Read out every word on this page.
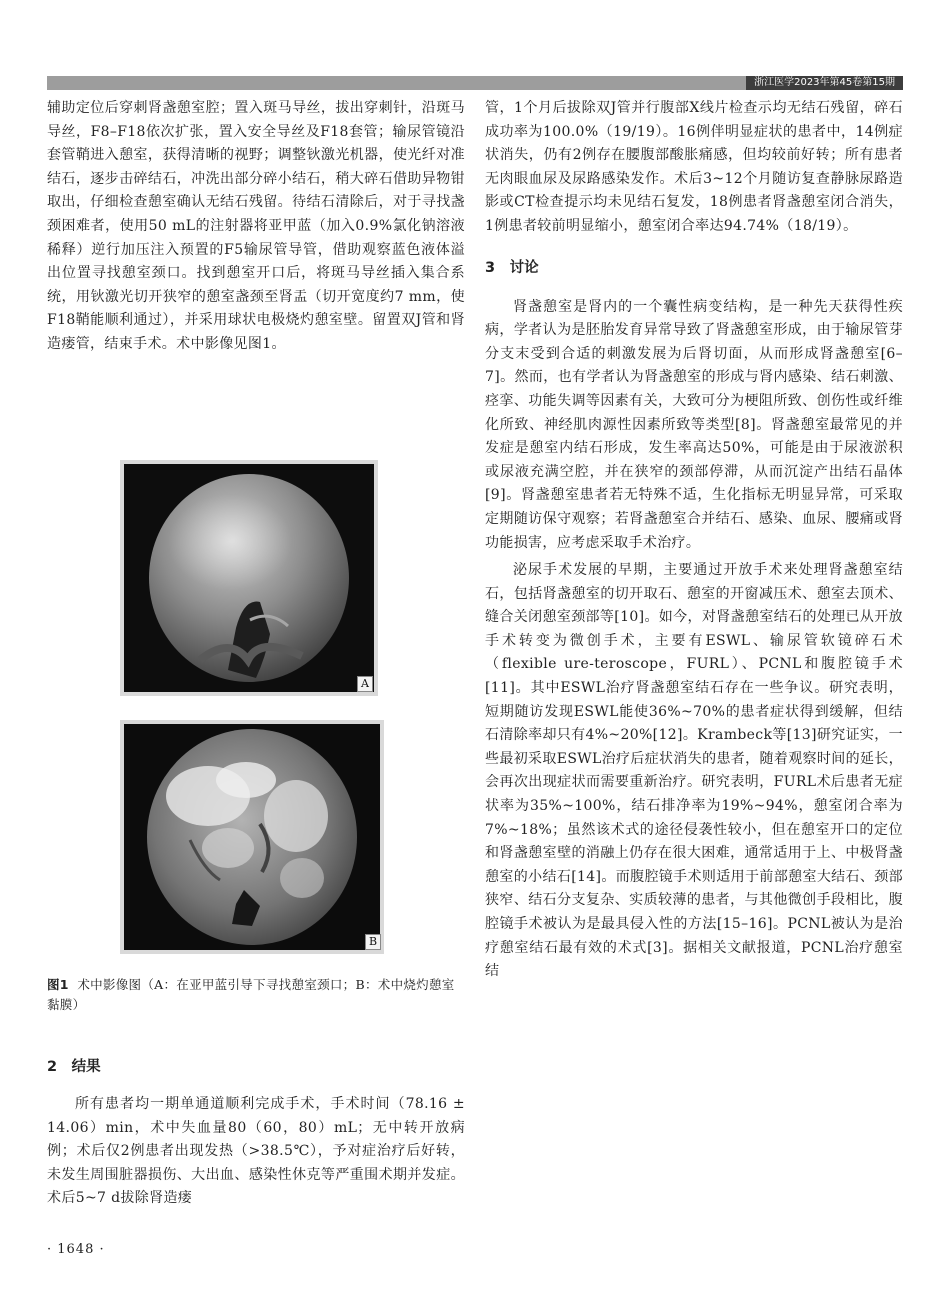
浙江医学2023年第45卷第15期

辅助定位后穿刺肾盏憩室腔；置入斑马导丝，拔出穿刺针，沿斑马导丝，F8–F18依次扩张，置入安全导丝及F18套管；输尿管镜沿套管鞘进入憩室，获得清晰的视野；调整钬激光机器，使光纤对准结石，逐步击碎结石，冲洗出部分碎小结石，稍大碎石借助异物钳取出，仔细检查憩室确认无结石残留。待结石清除后，对于寻找盏颈困难者，使用50 mL的注射器将亚甲蓝（加入0.9%氯化钠溶液稀释）逆行加压注入预置的F5输尿管导管，借助观察蓝色液体溢出位置寻找憩室颈口。找到憩室开口后，将斑马导丝插入集合系统，用钬激光切开狭窄的憩室盏颈至肾盂（切开宽度约7 mm，使F18鞘能顺利通过），并采用球状电极烧灼憩室壁。留置双J管和肾造瘘管，结束手术。术中影像见图1。

A
B
图1 术中影像图（A：在亚甲蓝引导下寻找憩室颈口；B：术中烧灼憩室黏膜）
2　结果

所有患者均一期单通道顺利完成手术，手术时间（78.16 ± 14.06）min，术中失血量80（60，80）mL；无中转开放病例；术后仅2例患者出现发热（>38.5℃），予对症治疗后好转，未发生周围脏器损伤、大出血、感染性休克等严重围术期并发症。术后5~7 d拔除肾造瘘

管，1个月后拔除双J管并行腹部X线片检查示均无结石残留，碎石成功率为100.0%（19/19）。16例伴明显症状的患者中，14例症状消失，仍有2例存在腰腹部酸胀痛感，但均较前好转；所有患者无肉眼血尿及尿路感染发作。术后3~12个月随访复查静脉尿路造影或CT检查提示均未见结石复发，18例患者肾盏憩室闭合消失，1例患者较前明显缩小，憩室闭合率达94.74%（18/19）。

3　讨论

肾盏憩室是肾内的一个囊性病变结构，是一种先天获得性疾病，学者认为是胚胎发育异常导致了肾盏憩室形成，由于输尿管芽分支末受到合适的刺激发展为后肾切面，从而形成肾盏憩室[6–7]。然而，也有学者认为肾盏憩室的形成与肾内感染、结石刺激、痉挛、功能失调等因素有关，大致可分为梗阻所致、创伤性或纤维化所致、神经肌肉源性因素所致等类型[8]。肾盏憩室最常见的并发症是憩室内结石形成，发生率高达50%，可能是由于尿液淤积或尿液充满空腔，并在狭窄的颈部停滞，从而沉淀产出结石晶体[9]。肾盏憩室患者若无特殊不适，生化指标无明显异常，可采取定期随访保守观察；若肾盏憩室合并结石、感染、血尿、腰痛或肾功能损害，应考虑采取手术治疗。

泌尿手术发展的早期，主要通过开放手术来处理肾盏憩室结石，包括肾盏憩室的切开取石、憩室的开窗减压术、憩室去顶术、缝合关闭憩室颈部等[10]。如今，对肾盏憩室结石的处理已从开放手术转变为微创手术，主要有ESWL、输尿管软镜碎石术（flexible ure-teroscope，FURL）、PCNL和腹腔镜手术[11]。其中ESWL治疗肾盏憩室结石存在一些争议。研究表明，短期随访发现ESWL能使36%~70%的患者症状得到缓解，但结石清除率却只有4%~20%[12]。Krambeck等[13]研究证实，一些最初采取ESWL治疗后症状消失的患者，随着观察时间的延长，会再次出现症状而需要重新治疗。研究表明，FURL术后患者无症状率为35%~100%，结石排净率为19%~94%，憩室闭合率为7%~18%；虽然该术式的途径侵袭性较小，但在憩室开口的定位和肾盏憩室壁的消融上仍存在很大困难，通常适用于上、中极肾盏憩室的小结石[14]。而腹腔镜手术则适用于前部憩室大结石、颈部狭窄、结石分支复杂、实质较薄的患者，与其他微创手段相比，腹腔镜手术被认为是最具侵入性的方法[15–16]。PCNL被认为是治疗憩室结石最有效的术式[3]。据相关文献报道，PCNL治疗憩室结

· 1648 ·
